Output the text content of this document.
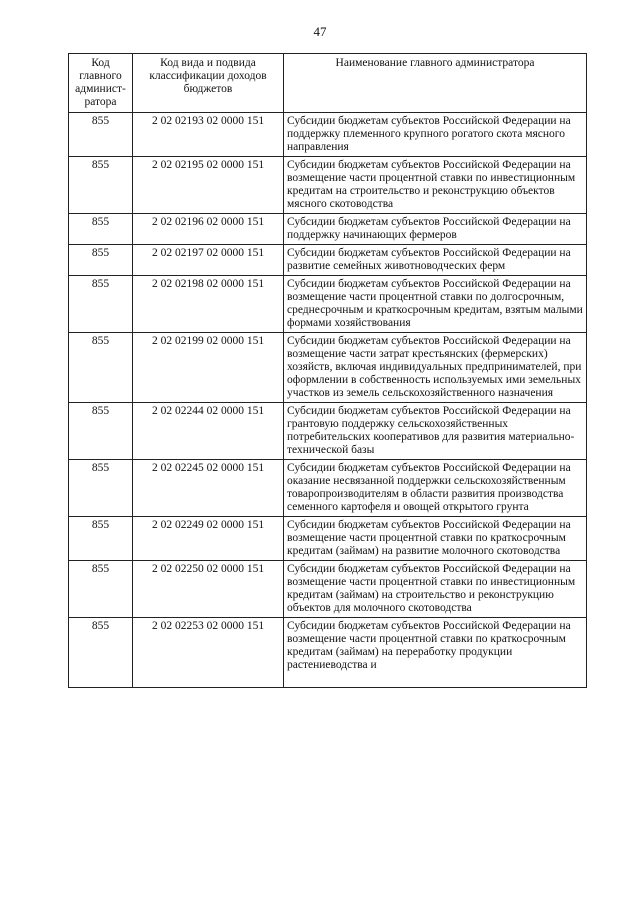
47
Код главного админист-ратора	Код вида и подвида классификации доходов бюджетов	Наименование главного администратора
855	2 02 02193 02 0000 151	Субсидии бюджетам субъектов Российской Федерации на поддержку племенного крупного рогатого скота мясного направления
855	2 02 02195 02 0000 151	Субсидии бюджетам субъектов Российской Федерации на возмещение части процентной ставки по инвестиционным кредитам на строительство и реконструкцию объектов мясного скотоводства
855	2 02 02196 02 0000 151	Субсидии бюджетам субъектов Российской Федерации на поддержку начинающих фермеров
855	2 02 02197 02 0000 151	Субсидии бюджетам субъектов Российской Федерации на развитие семейных животноводческих ферм
855	2 02 02198 02 0000 151	Субсидии бюджетам субъектов Российской Федерации на возмещение части процентной ставки по долгосрочным, среднесрочным и краткосрочным кредитам, взятым малыми формами хозяйствования
855	2 02 02199 02 0000 151	Субсидии бюджетам субъектов Российской Федерации на возмещение части затрат крестьянских (фермерских) хозяйств, включая индивидуальных предпринимателей, при оформлении в собственность используемых ими земельных участков из земель сельскохозяйственного назначения
855	2 02 02244 02 0000 151	Субсидии бюджетам субъектов Российской Федерации на грантовую поддержку сельскохозяйственных потребительских кооперативов для развития материально-технической базы
855	2 02 02245 02 0000 151	Субсидии бюджетам субъектов Российской Федерации на оказание несвязанной поддержки сельскохозяйственным товаропроизводителям в области развития производства семенного картофеля и овощей открытого грунта
855	2 02 02249 02 0000 151	Субсидии бюджетам субъектов Российской Федерации на возмещение части процентной ставки по краткосрочным кредитам (займам) на развитие молочного скотоводства
855	2 02 02250 02 0000 151	Субсидии бюджетам субъектов Российской Федерации на возмещение части процентной ставки по инвестиционным кредитам (займам) на строительство и реконструкцию объектов для молочного скотоводства
855	2 02 02253 02 0000 151	Субсидии бюджетам субъектов Российской Федерации на возмещение части процентной ставки по краткосрочным кредитам (займам) на переработку продукции растениеводства и
